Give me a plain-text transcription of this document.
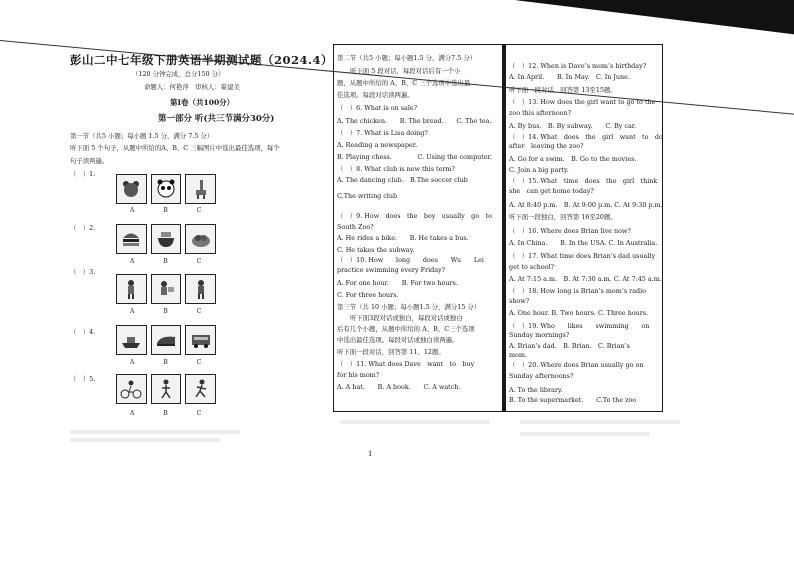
彭山二中七年级下册英语半期测试题（2024.4）
（120 分钟完成，总分150 分）
命题人：何艳萍　审核人：翟建美
第Ⅰ卷（共100分）
第一部分 听(共三节满分30分)
第一节（共5 小题；每小题 1.5 分，满分 7.5 分）
听下面 5 个句子，从题中所给的A、B、C 三幅图片中选出最佳选项，每个
句子读两遍。
（　）1.
A	B	C
（　）2.
A	B	C
（　）3.
A	B	C
（　）4.
A	B	C
（　）5.
A	B	C
第二节（共5 小题；每小题1.5 分，满分7.5 分）
听下面 5 段对话，每段对话后有一个小
题，从题中所给的 A、B、C 三个选项中选出最
佳选项。每段对话读两遍。
（　）6. What is on sale?
A. The chicken.　　B. The bread.　　C. The tea.
（　）7. What is Lisa doing?
A. Reading a newspaper.
B. Playing chess.　　　　C. Using the computer.
（　）8. What club is new this term?
A. The dancing club.　B.The soccer club
C.The writing club
（　）9. How　does　the　boy　usually　go　to
South Zoo?
A. He rides a bike.　　B. He takes a bus.
C. He takes the subway.
（　）10. How　　long　　does　　Wu　　Lei
practice swimming every Friday?
A. For one hour.　　B. For two hours.
C. For three hours.
第三节（共 10 小题；每小题1.5 分，满分15 分）
听下面3段对话或独白，每段对话或独白
后有几个小题，从题中所给的 A、B、C三个选项
中选出最佳选项。每段对话或独白读两遍。
听下面一段对话，回答第 11、12题。
（　）11. What does Dave　want　to　buy
for his mom?
A. A hat.　　B. A book.　　C. A watch.
（　）12. When is Dave’s mom’s birthday?
A. In April.　　B. In May.　C. In June.
听下面一段对话，回答第 13至15题。
（　）13. How does the girl want to go to the
zoo this afternoon?
A. By bus.　B. By subway.　　C. By car.
（　）14. What　does　the　girl　want　to　do
after　leaving the zoo?
A. Go for a swim.　B. Go to the movies.
C. Join a big party.
（　）15. What　time　does　the　girl　think
she　can get home today?
A. At 8:40 p.m.　B. At 9:00 p.m. C. At 9:30 p.m.
听下面一段独白，回答第 16至20题。
（　）16. Where does Brian live now?
A. In China.　　B. In the USA. C. In Australia.
（　）17. What time does Brian’s dad usually
get to school?
A. At 7:15 a.m.　B. At 7:30 a.m. C. At 7:45 a.m.
（　）18. How long is Brian’s mom’s radio
show?
A. One hour. B. Two hours. C. Three hours.
（　）19. Who　　likes　　swimming　　on
Sunday mornings?
A. Brian’s dad.　B. Brian.　C. Brian’s
mom.
（　）20. Where does Brian usually go on
Sunday afternoons?
A. To the library.
B. To the supermarket.　　C.To the zoo
1
